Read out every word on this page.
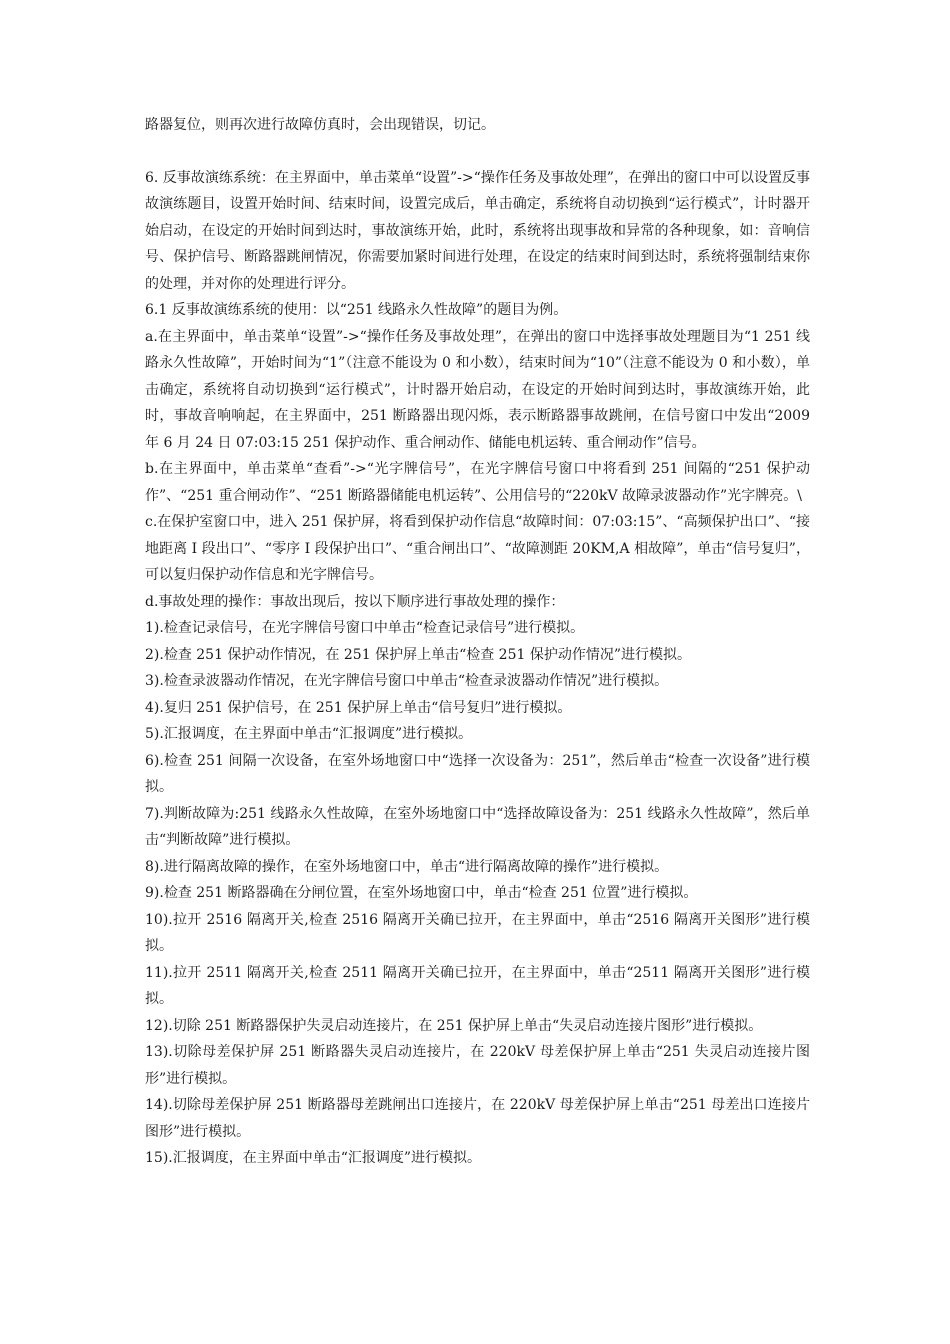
路器复位，则再次进行故障仿真时，会出现错误，切记。

6. 反事故演练系统：在主界面中，单击菜单“设置”->“操作任务及事故处理”，在弹出的窗口中可以设置反事故演练题目，设置开始时间、结束时间，设置完成后，单击确定，系统将自动切换到“运行模式”，计时器开始启动，在设定的开始时间到达时，事故演练开始，此时，系统将出现事故和异常的各种现象，如：音响信号、保护信号、断路器跳闸情况，你需要加紧时间进行处理，在设定的结束时间到达时，系统将强制结束你的处理，并对你的处理进行评分。

6.1 反事故演练系统的使用：以“251 线路永久性故障”的题目为例。

a.在主界面中，单击菜单“设置”->“操作任务及事故处理”，在弹出的窗口中选择事故处理题目为“1 251 线路永久性故障”，开始时间为“1”（注意不能设为 0 和小数），结束时间为“10”（注意不能设为 0 和小数），单击确定，系统将自动切换到“运行模式”，计时器开始启动，在设定的开始时间到达时，事故演练开始，此时，事故音响响起，在主界面中，251 断路器出现闪烁，表示断路器事故跳闸，在信号窗口中发出“2009 年 6 月 24 日 07:03:15 251 保护动作、重合闸动作、储能电机运转、重合闸动作”信号。

b.在主界面中，单击菜单“查看”->“光字牌信号”，在光字牌信号窗口中将看到 251 间隔的“251 保护动作”、“251 重合闸动作”、“251 断路器储能电机运转”、公用信号的“220kV 故障录波器动作”光字牌亮。\

c.在保护室窗口中，进入 251 保护屏，将看到保护动作信息“故障时间：07:03:15”、“高频保护出口”、“接地距离 I 段出口”、“零序 I 段保护出口”、“重合闸出口”、“故障测距 20KM,A 相故障”，单击“信号复归”，可以复归保护动作信息和光字牌信号。

d.事故处理的操作：事故出现后，按以下顺序进行事故处理的操作：

1).检查记录信号，在光字牌信号窗口中单击“检查记录信号”进行模拟。

2).检查 251 保护动作情况，在 251 保护屏上单击“检查 251 保护动作情况”进行模拟。

3).检查录波器动作情况，在光字牌信号窗口中单击“检查录波器动作情况”进行模拟。

4).复归 251 保护信号，在 251 保护屏上单击“信号复归”进行模拟。

5).汇报调度，在主界面中单击“汇报调度”进行模拟。

6).检查 251 间隔一次设备，在室外场地窗口中“选择一次设备为：251”，然后单击“检查一次设备”进行模拟。

7).判断故障为:251 线路永久性故障，在室外场地窗口中“选择故障设备为：251 线路永久性故障”，然后单击“判断故障”进行模拟。

8).进行隔离故障的操作，在室外场地窗口中，单击“进行隔离故障的操作”进行模拟。

9).检查 251 断路器确在分闸位置，在室外场地窗口中，单击“检查 251 位置”进行模拟。

10).拉开 2516 隔离开关,检查 2516 隔离开关确已拉开，在主界面中，单击“2516 隔离开关图形”进行模拟。

11).拉开 2511 隔离开关,检查 2511 隔离开关确已拉开，在主界面中，单击“2511 隔离开关图形”进行模拟。

12).切除 251 断路器保护失灵启动连接片，在 251 保护屏上单击“失灵启动连接片图形”进行模拟。

13).切除母差保护屏 251 断路器失灵启动连接片，在 220kV 母差保护屏上单击“251 失灵启动连接片图形”进行模拟。

14).切除母差保护屏 251 断路器母差跳闸出口连接片，在 220kV 母差保护屏上单击“251 母差出口连接片图形”进行模拟。

15).汇报调度，在主界面中单击“汇报调度”进行模拟。
